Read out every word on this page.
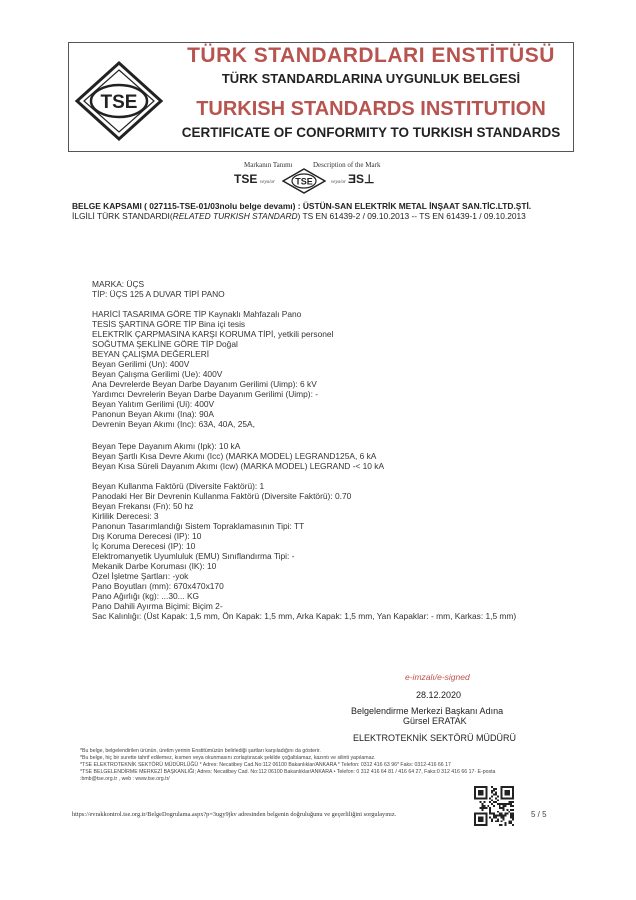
TSE
TÜRK STANDARDLARI ENSTİTÜSÜ
TÜRK STANDARDLARINA UYGUNLUK BELGESİ
TURKISH STANDARDS INSTITUTION
CERTIFICATE OF CONFORMITY TO TURKISH STANDARDS
Markanın Tanımı	Description of the Mark
TSE veya/or TSE	veya/or ƎS⊥
BELGE KAPSAMI ( 027115-TSE-01/03nolu belge devamı) : ÜSTÜN-SAN ELEKTRİK METAL İNŞAAT SAN.TİC.LTD.ŞTİ.
İLGİLİ TÜRK STANDARDI(RELATED TURKISH STANDARD) TS EN 61439-2 / 09.10.2013 -- TS EN 61439-1 / 09.10.2013
MARKA: ÜÇS
TİP: ÜÇS 125 A DUVAR TİPİ PANO
HARİCİ TASARIMA GÖRE TİP Kaynaklı Mahfazalı Pano
TESİS ŞARTINA GÖRE TİP Bina içi tesis
ELEKTRİK ÇARPMASINA KARŞI KORUMA TİPİ, yetkili personel
SOĞUTMA ŞEKLİNE GÖRE TİP Doğal
BEYAN ÇALIŞMA DEĞERLERİ
Beyan Gerilimi (Un): 400V
Beyan Çalışma Gerilimi (Ue): 400V
Ana Devrelerde Beyan Darbe Dayanım Gerilimi (Uimp): 6 kV
Yardımcı Devrelerin Beyan Darbe Dayanım Gerilimi (Uimp): -
Beyan Yalıtım Gerilimi (Ui): 400V
Panonun Beyan Akımı (Ina): 90A
Devrenin Beyan Akımı (Inc): 63A, 40A, 25A,
Beyan Tepe Dayanım Akımı (Ipk): 10 kA
Beyan Şartlı Kısa Devre Akımı (Icc) (MARKA MODEL) LEGRAND125A, 6 kA
Beyan Kısa Süreli Dayanım Akımı (Icw) (MARKA MODEL) LEGRAND -< 10 kA
Beyan Kullanma Faktörü (Diversite Faktörü): 1
Panodaki Her Bir Devrenin Kullanma Faktörü (Diversite Faktörü): 0.70
Beyan Frekansı (Fn): 50 hz
Kirlilik Derecesi: 3
Panonun Tasarımlandığı Sistem Topraklamasının Tipi: TT
Dış Koruma Derecesi (IP): 10
İç Koruma Derecesi (IP): 10
Elektromanyetik Uyumluluk (EMU) Sınıflandırma Tipi: -
Mekanik Darbe Koruması (IK): 10
Özel İşletme Şartları: -yok
Pano Boyutları (mm): 670x470x170
Pano Ağırlığı (kg): ...30... KG
Pano Dahili Ayırma Biçimi: Biçim 2-
Sac Kalınlığı: (Üst Kapak: 1,5 mm, Ön Kapak: 1,5 mm, Arka Kapak: 1,5 mm, Yan Kapaklar: - mm, Karkas: 1,5 mm)
e-imzalı/e-signed
28.12.2020
Belgelendirme Merkezi Başkanı Adına
Gürsel ERATAK
ELEKTROTEKNİK SEKTÖRÜ MÜDÜRÜ
*Bu belge, belgelendirilen ürünün, üretim yerinin Enstitümüzün belirlediği şartları karşıladığını da gösterir.
*Bu belge, hiç bir surette tahrif edilemez, kısmen veya okunmasını zorlaştıracak şekilde çoğaltılamaz, kazıntı ve silinti yapılamaz.
*TSE ELEKTROTEKNİK SEKTÖRÜ MÜDÜRLÜĞÜ * Adres: Necatibey Cad.No:112 06100 Bakanlıklar/ANKARA * Telefon: 0312 416 63 96* Faks: 0312-416 66 17
*TSE BELGELENDİRME MERKEZİ BAŞKANLIĞI; Adres: Necatibey Cad. No:112 06100 Bakanlıklar/ANKARA • Telefon: 0 312 416 64 81 / 416 64 27, Faks:0 312 416 66 17· E-posta
:bmb@tse.org.tr , web : www.tse.org.tr/
https://evrakkontrol.tse.org.tr/BelgeDogrulama.aspx?p=3ugy9jkv adresinden belgenin doğruluğunu ve geçerliliğini sorgulayınız.	5 / 5
